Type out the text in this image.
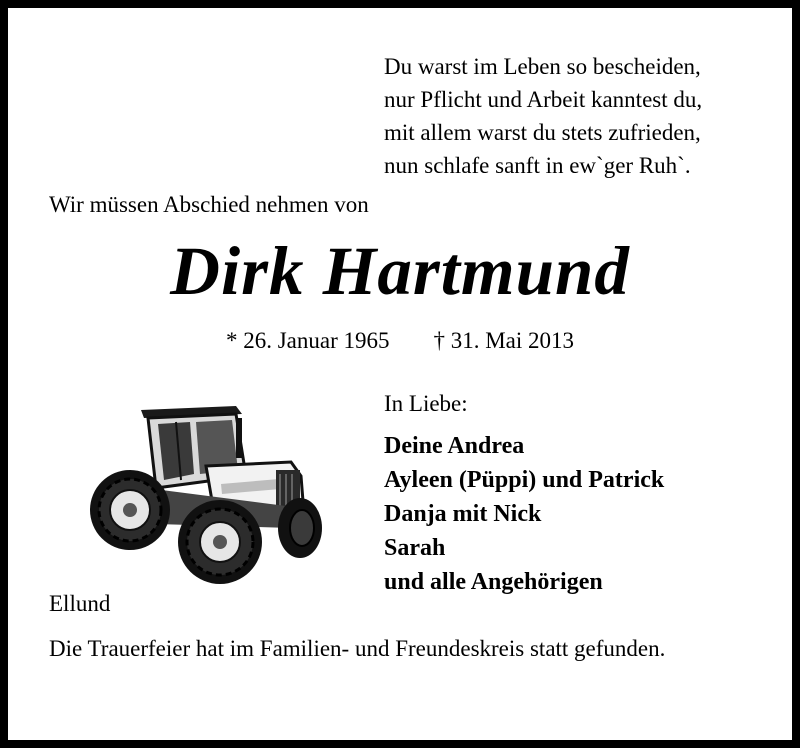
Du warst im Leben so bescheiden,
nur Pflicht und Arbeit kanntest du,
mit allem warst du stets zufrieden,
nun schlafe sanft in ew`ger Ruh`.
Wir müssen Abschied nehmen von
Dirk Hartmund
* 26. Januar 1965 † 31. Mai 2013
In Liebe:
Deine Andrea
Ayleen (Püppi) und Patrick
Danja mit Nick
Sarah
und alle Angehörigen
Ellund
Die Trauerfeier hat im Familien- und Freundeskreis statt gefunden.
